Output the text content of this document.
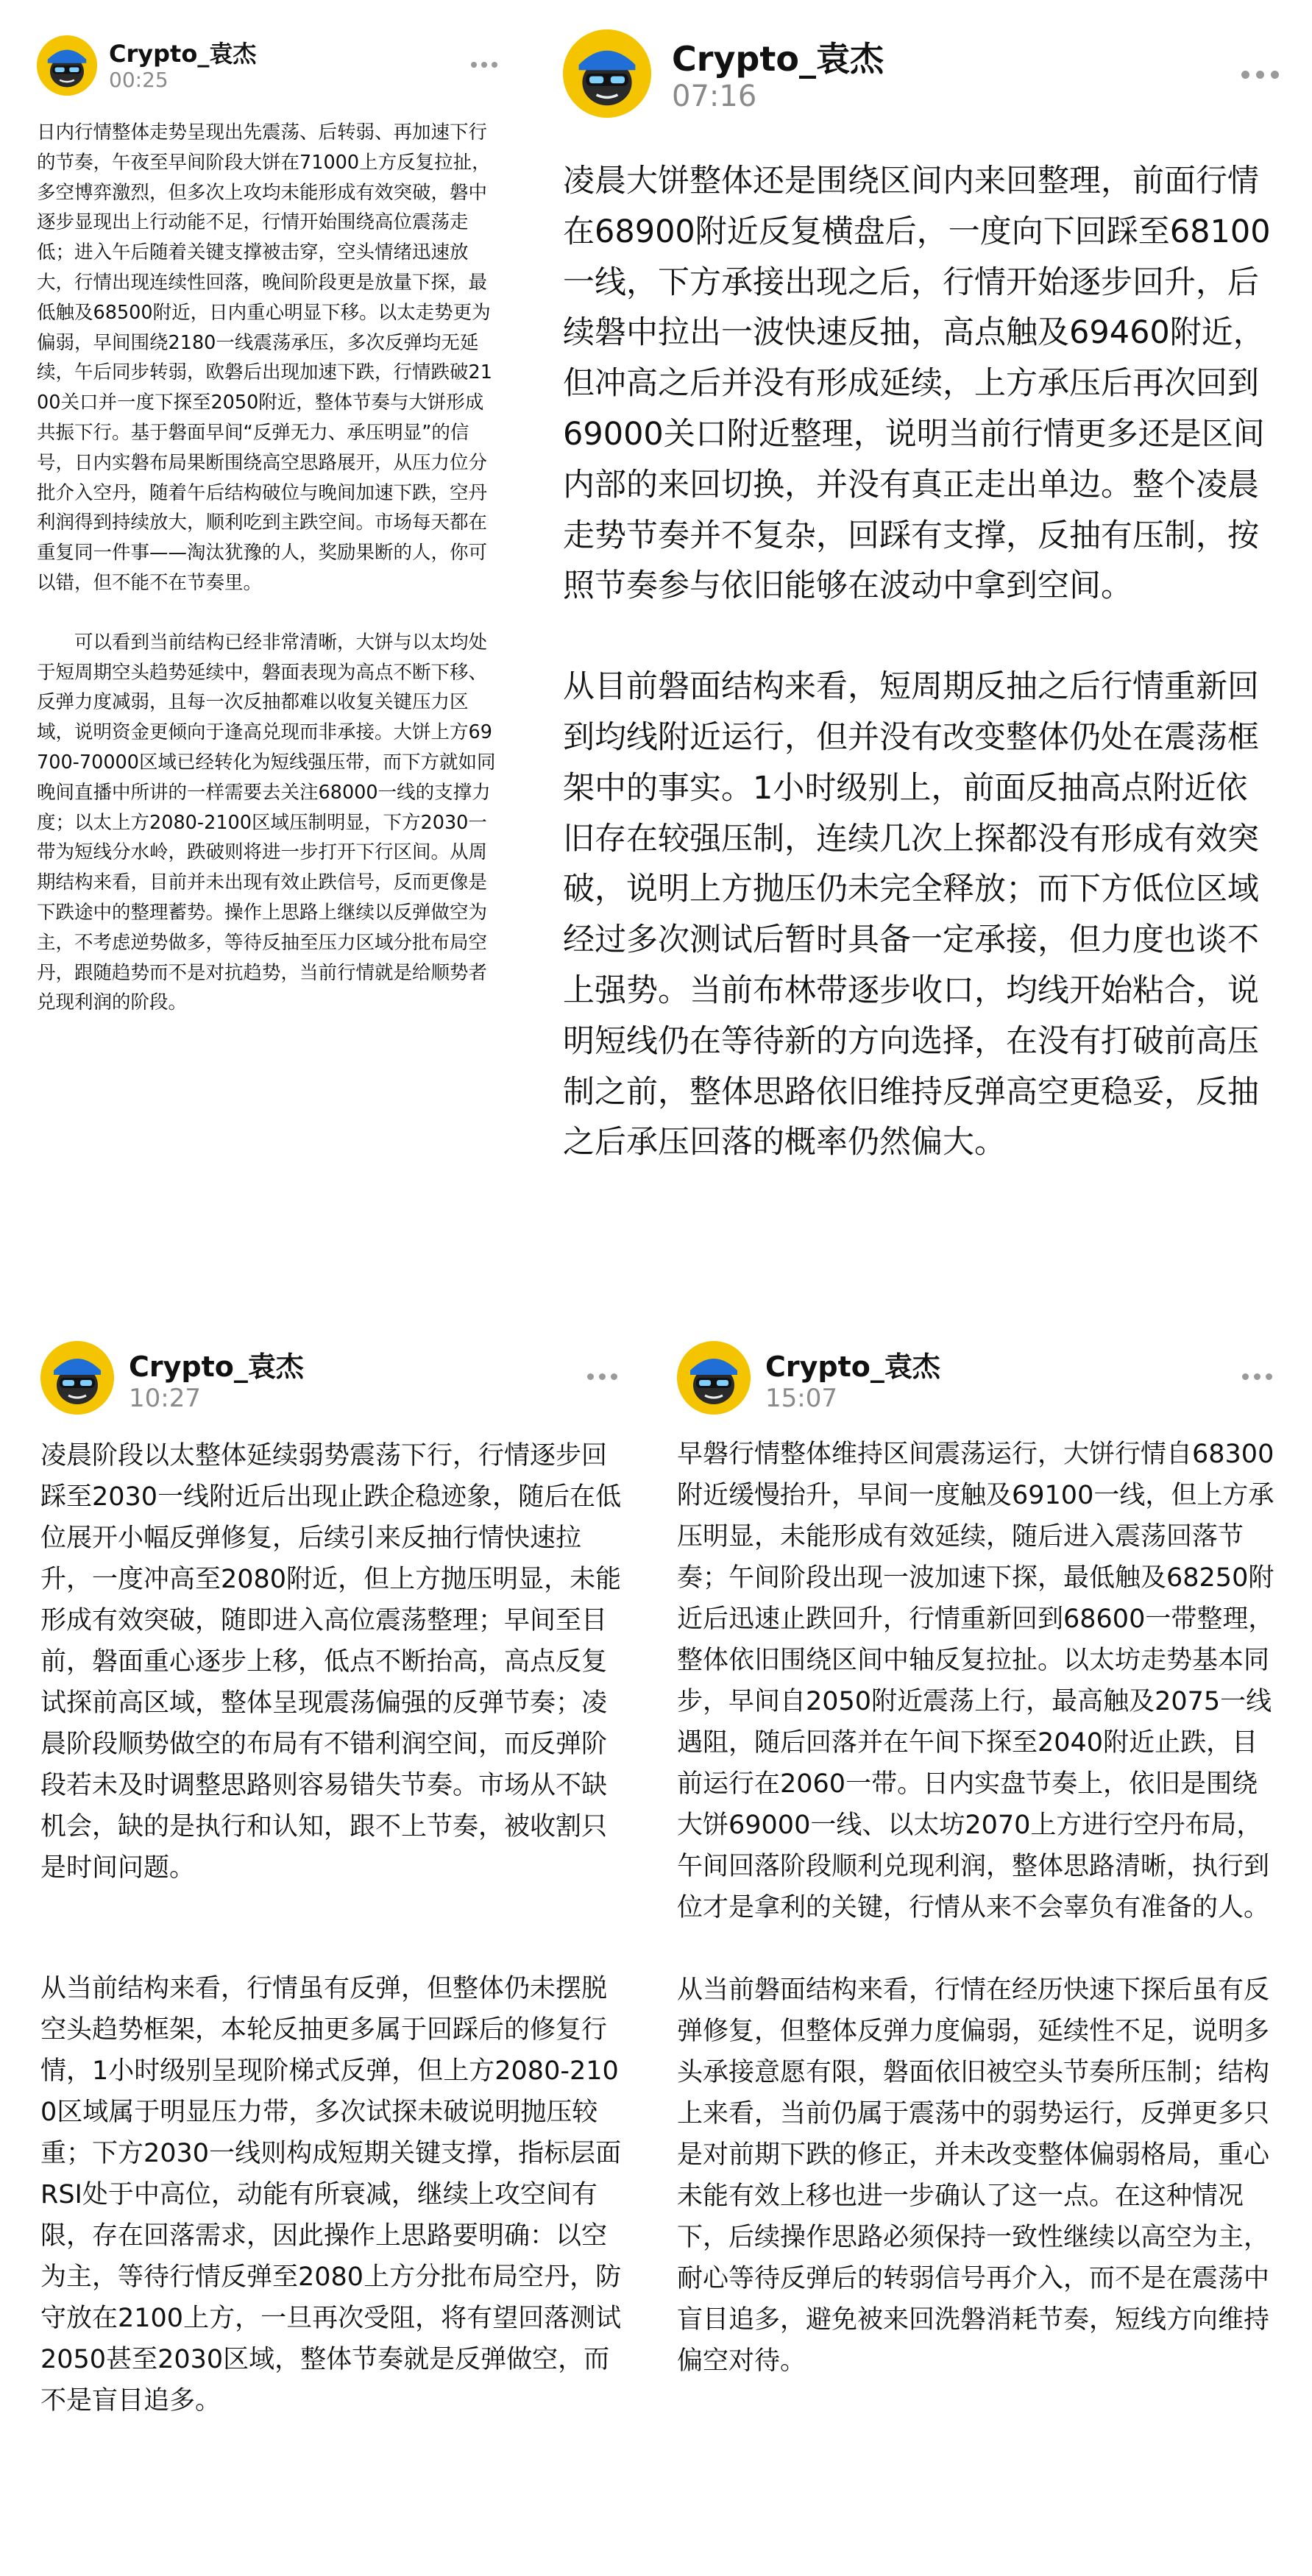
Crypto_袁杰
00:25

日内行情整体走势呈现出先震荡、后转弱、再加速下行的节奏，午夜至早间阶段大饼在71000上方反复拉扯，多空博弈激烈，但多次上攻均未能形成有效突破，磐中逐步显现出上行动能不足，行情开始围绕高位震荡走低；进入午后随着关键支撑被击穿，空头情绪迅速放大，行情出现连续性回落，晚间阶段更是放量下探，最低触及68500附近，日内重心明显下移。以太走势更为偏弱，早间围绕2180一线震荡承压，多次反弹均无延续，午后同步转弱，欧磐后出现加速下跌，行情跌破2100关口并一度下探至2050附近，整体节奏与大饼形成共振下行。基于磐面早间“反弹无力、承压明显”的信号，日内实磐布局果断围绕高空思路展开，从压力位分批介入空丹，随着午后结构破位与晚间加速下跌，空丹利润得到持续放大，顺利吃到主跌空间。市场每天都在重复同一件事——淘汰犹豫的人，奖励果断的人，你可以错，但不能不在节奏里。

可以看到当前结构已经非常清晰，大饼与以太均处于短周期空头趋势延续中，磐面表现为高点不断下移、反弹力度减弱，且每一次反抽都难以收复关键压力区域，说明资金更倾向于逢高兑现而非承接。大饼上方69700-70000区域已经转化为短线强压带，而下方就如同晚间直播中所讲的一样需要去关注68000一线的支撑力度；以太上方2080-2100区域压制明显，下方2030一带为短线分水岭，跌破则将进一步打开下行区间。从周期结构来看，目前并未出现有效止跌信号，反而更像是下跌途中的整理蓄势。操作上思路上继续以反弹做空为主，不考虑逆势做多，等待反抽至压力区域分批布局空丹，跟随趋势而不是对抗趋势，当前行情就是给顺势者兑现利润的阶段。

Crypto_袁杰
07:16

凌晨大饼整体还是围绕区间内来回整理，前面行情在68900附近反复横盘后，一度向下回踩至68100一线，下方承接出现之后，行情开始逐步回升，后续磐中拉出一波快速反抽，高点触及69460附近，但冲高之后并没有形成延续，上方承压后再次回到69000关口附近整理，说明当前行情更多还是区间内部的来回切换，并没有真正走出单边。整个凌晨走势节奏并不复杂，回踩有支撑，反抽有压制，按照节奏参与依旧能够在波动中拿到空间。

从目前磐面结构来看，短周期反抽之后行情重新回到均线附近运行，但并没有改变整体仍处在震荡框架中的事实。1小时级别上，前面反抽高点附近依旧存在较强压制，连续几次上探都没有形成有效突破，说明上方抛压仍未完全释放；而下方低位区域经过多次测试后暂时具备一定承接，但力度也谈不上强势。当前布林带逐步收口，均线开始粘合，说明短线仍在等待新的方向选择，在没有打破前高压制之前，整体思路依旧维持反弹高空更稳妥，反抽之后承压回落的概率仍然偏大。

Crypto_袁杰
10:27

凌晨阶段以太整体延续弱势震荡下行，行情逐步回踩至2030一线附近后出现止跌企稳迹象，随后在低位展开小幅反弹修复，后续引来反抽行情快速拉升，一度冲高至2080附近，但上方抛压明显，未能形成有效突破，随即进入高位震荡整理；早间至目前，磐面重心逐步上移，低点不断抬高，高点反复试探前高区域，整体呈现震荡偏强的反弹节奏；凌晨阶段顺势做空的布局有不错利润空间，而反弹阶段若未及时调整思路则容易错失节奏。市场从不缺机会，缺的是执行和认知，跟不上节奏，被收割只是时间问题。

从当前结构来看，行情虽有反弹，但整体仍未摆脱空头趋势框架，本轮反抽更多属于回踩后的修复行情，1小时级别呈现阶梯式反弹，但上方2080-2100区域属于明显压力带，多次试探未破说明抛压较重；下方2030一线则构成短期关键支撑，指标层面RSI处于中高位，动能有所衰减，继续上攻空间有限，存在回落需求，因此操作上思路要明确：以空为主，等待行情反弹至2080上方分批布局空丹，防守放在2100上方，一旦再次受阻，将有望回落测试2050甚至2030区域，整体节奏就是反弹做空，而不是盲目追多。

Crypto_袁杰
15:07

早磐行情整体维持区间震荡运行，大饼行情自68300附近缓慢抬升，早间一度触及69100一线，但上方承压明显，未能形成有效延续，随后进入震荡回落节奏；午间阶段出现一波加速下探，最低触及68250附近后迅速止跌回升，行情重新回到68600一带整理，整体依旧围绕区间中轴反复拉扯。以太坊走势基本同步，早间自2050附近震荡上行，最高触及2075一线遇阻，随后回落并在午间下探至2040附近止跌，目前运行在2060一带。日内实盘节奏上，依旧是围绕大饼69000一线、以太坊2070上方进行空丹布局，午间回落阶段顺利兑现利润，整体思路清晰，执行到位才是拿利的关键，行情从来不会辜负有准备的人。

从当前磐面结构来看，行情在经历快速下探后虽有反弹修复，但整体反弹力度偏弱，延续性不足，说明多头承接意愿有限，磐面依旧被空头节奏所压制；结构上来看，当前仍属于震荡中的弱势运行，反弹更多只是对前期下跌的修正，并未改变整体偏弱格局，重心未能有效上移也进一步确认了这一点。在这种情况下，后续操作思路必须保持一致性继续以高空为主，耐心等待反弹后的转弱信号再介入，而不是在震荡中盲目追多，避免被来回洗磐消耗节奏，短线方向维持偏空对待。
